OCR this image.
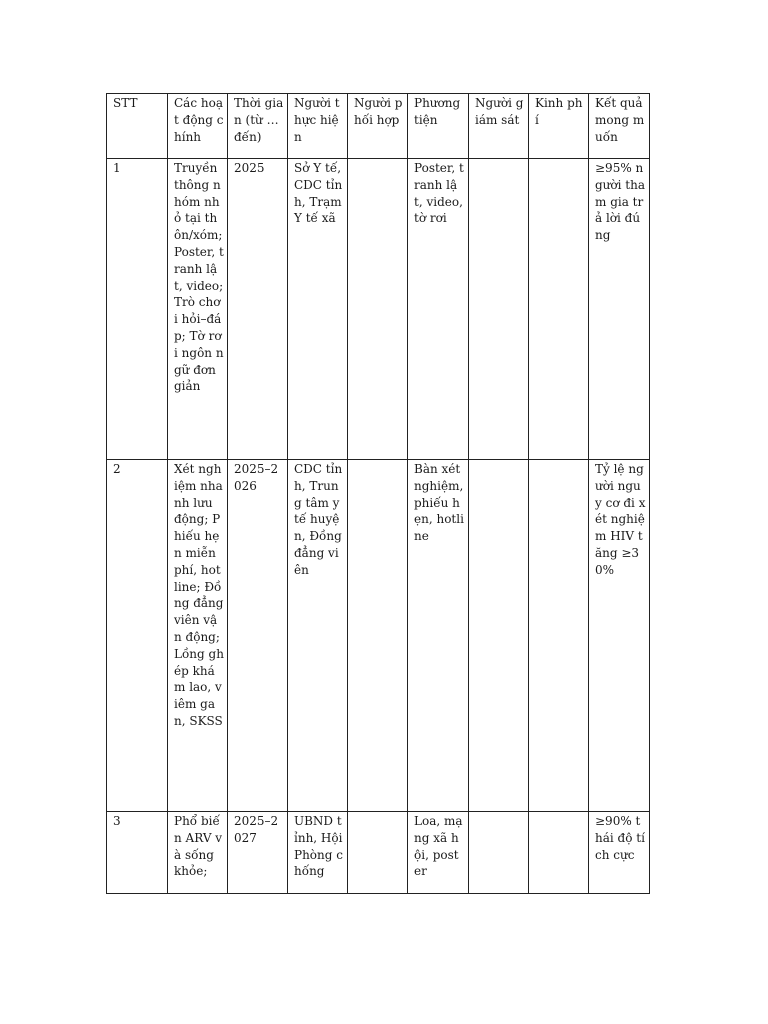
STT	Các hoạt động chính	Thời gian (từ … đến)	Người thực hiện	Người phối hợp	Phương tiện	Người giám sát	Kinh phí	Kết quả mong muốn

1	Truyền thông nhóm nhỏ tại thôn/xóm; Poster, tranh lật, video; Trò chơi hỏi–đáp; Tờ rơi ngôn ngữ đơn giản	2025	Sở Y tế, CDC tỉnh, Trạm Y tế xã		Poster, tranh lật, video, tờ rơi			≥95% người tham gia trả lời đúng

2	Xét nghiệm nhanh lưu động; Phiếu hẹn miễn phí, hotline; Đồng đẳng viên vận động; Lồng ghép khám lao, viêm gan, SKSS	2025–2026	CDC tỉnh, Trung tâm y tế huyện, Đồng đẳng viên		Bàn xét nghiệm, phiếu hẹn, hotline			Tỷ lệ người nguy cơ đi xét nghiệm HIV tăng ≥30%

3	Phổ biến ARV và sống khỏe;	2025–2027	UBND tỉnh, Hội Phòng chống		Loa, mạng xã hội, poster			≥90% thái độ tích cực
